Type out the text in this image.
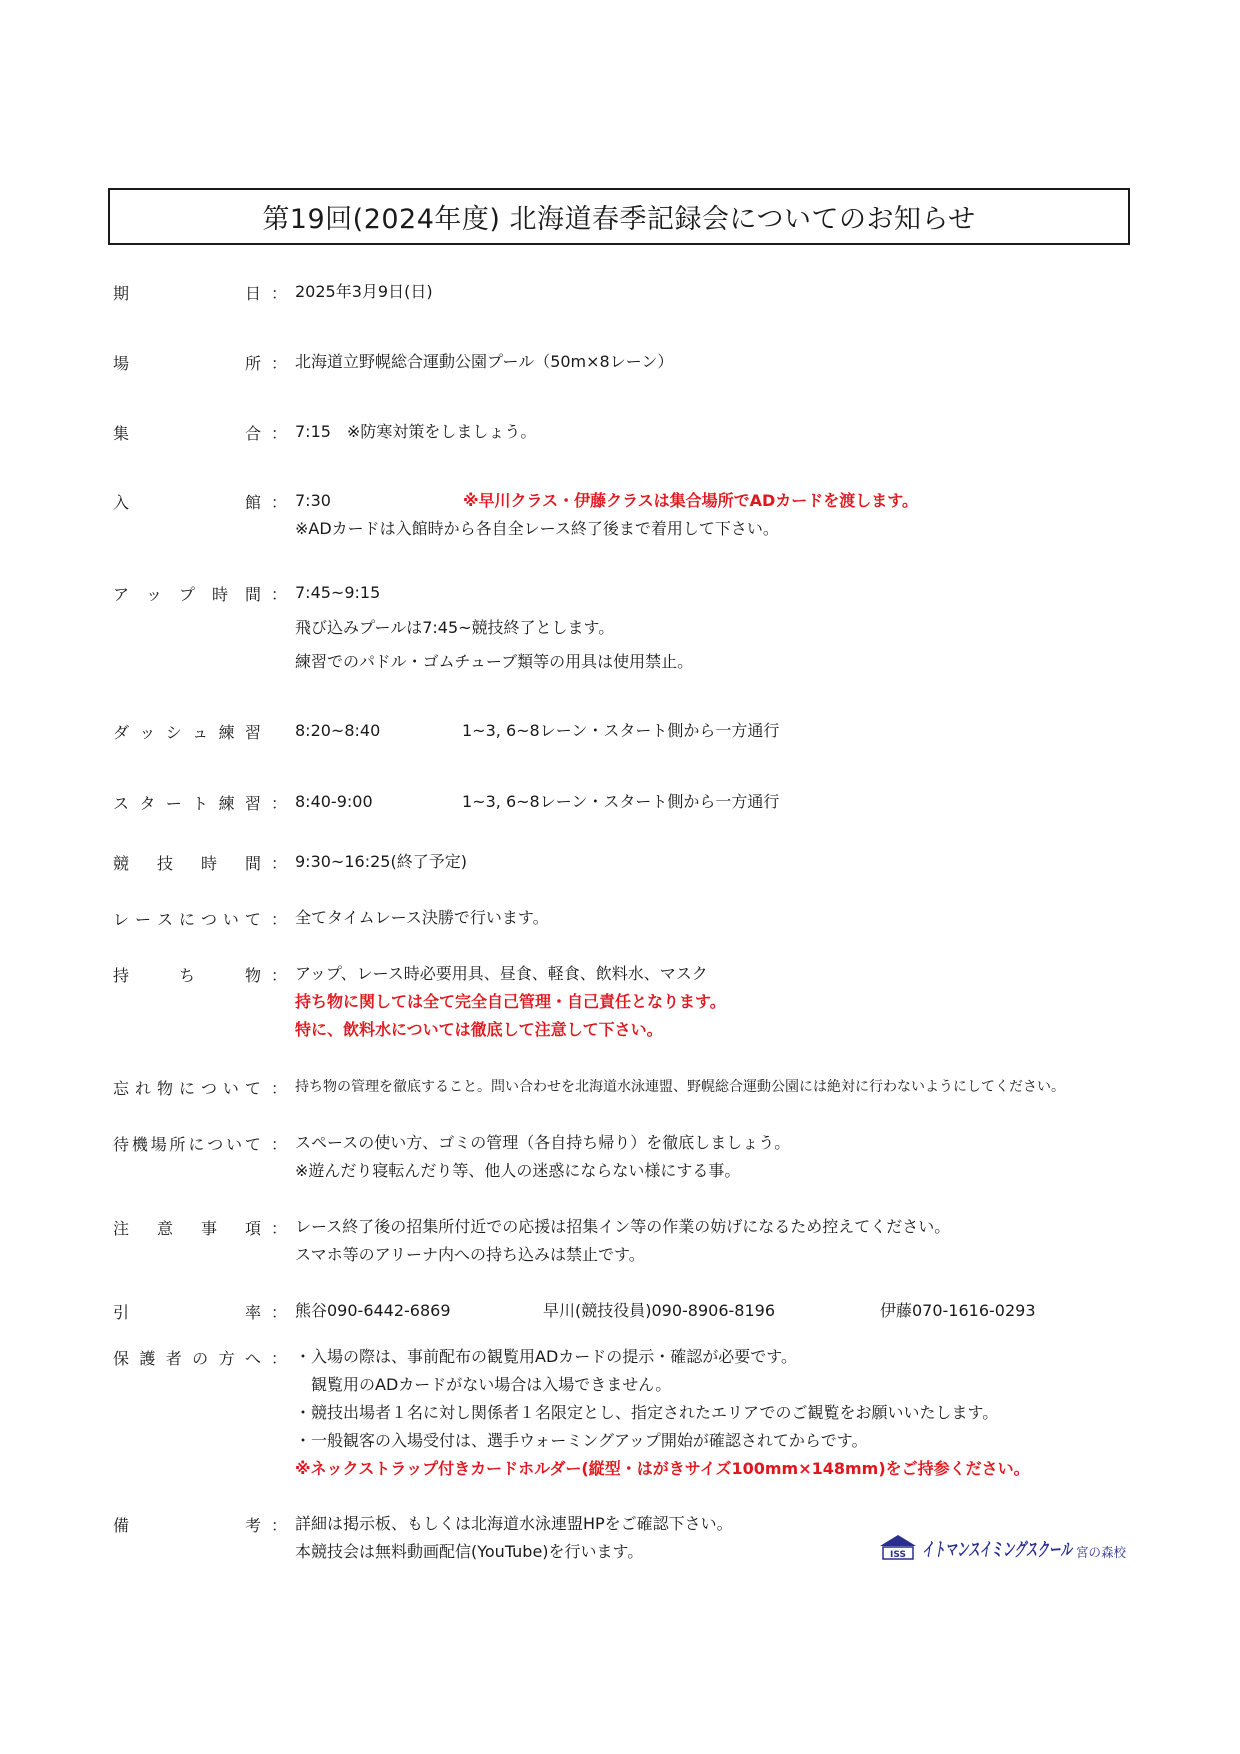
第19回(2024年度) 北海道春季記録会についてのお知らせ
期	日 ： 2025年3月9日(日)
場	所 ： 北海道立野幌総合運動公園プール（50m×8レーン）
集	合 ： 7:15　※防寒対策をしましょう。
入	館 ： 7:30	※早川クラス・伊藤クラスは集合場所でADカードを渡します。
※ADカードは入館時から各自全レース終了後まで着用して下さい。
ア ッ プ 時 間 ： 7:45~9:15
飛び込みプールは7:45~競技終了とします。
練習でのパドル・ゴムチューブ類等の用具は使用禁止。
ダ ッ シ ュ 練 習 8:20~8:40	1~3, 6~8レーン・スタート側から一方通行
ス タ ー ト 練 習 ： 8:40-9:00	1~3, 6~8レーン・スタート側から一方通行
競 技 時 間 ： 9:30~16:25(終了予定)
レ ー ス に つ い て ： 全てタイムレース決勝で行います。
持	ち	物 ： アップ、レース時必要用具、昼食、軽食、飲料水、マスク
持ち物に関しては全て完全自己管理・自己責任となります。
特に、飲料水については徹底して注意して下さい。
忘 れ 物 に つ い て ： 持ち物の管理を徹底すること。問い合わせを北海道水泳連盟、野幌総合運動公園には絶対に行わないようにしてください。
待 機 場 所 に つ い て ： スペースの使い方、ゴミの管理（各自持ち帰り）を徹底しましょう。
※遊んだり寝転んだり等、他人の迷惑にならない様にする事。
注 意 事 項 ： レース終了後の招集所付近での応援は招集イン等の作業の妨げになるため控えてください。
スマホ等のアリーナ内への持ち込みは禁止です。
引	率 ： 熊谷090-6442-6869	早川(競技役員)090-8906-8196	伊藤070-1616-0293
保 護 者 の 方 へ ： ・入場の際は、事前配布の観覧用ADカードの提示・確認が必要です。
　観覧用のADカードがない場合は入場できません。
・競技出場者１名に対し関係者１名限定とし、指定されたエリアでのご観覧をお願いいたします。
・一般観客の入場受付は、選手ウォーミングアップ開始が確認されてからです。
※ネックストラップ付きカードホルダー(縦型・はがきサイズ100mm×148mm)をご持参ください。
備	考 ： 詳細は掲示板、もしくは北海道水泳連盟HPをご確認下さい。
本競技会は無料動画配信(YouTube)を行います。	ISS イトマンスイミングスクール 宮の森校
